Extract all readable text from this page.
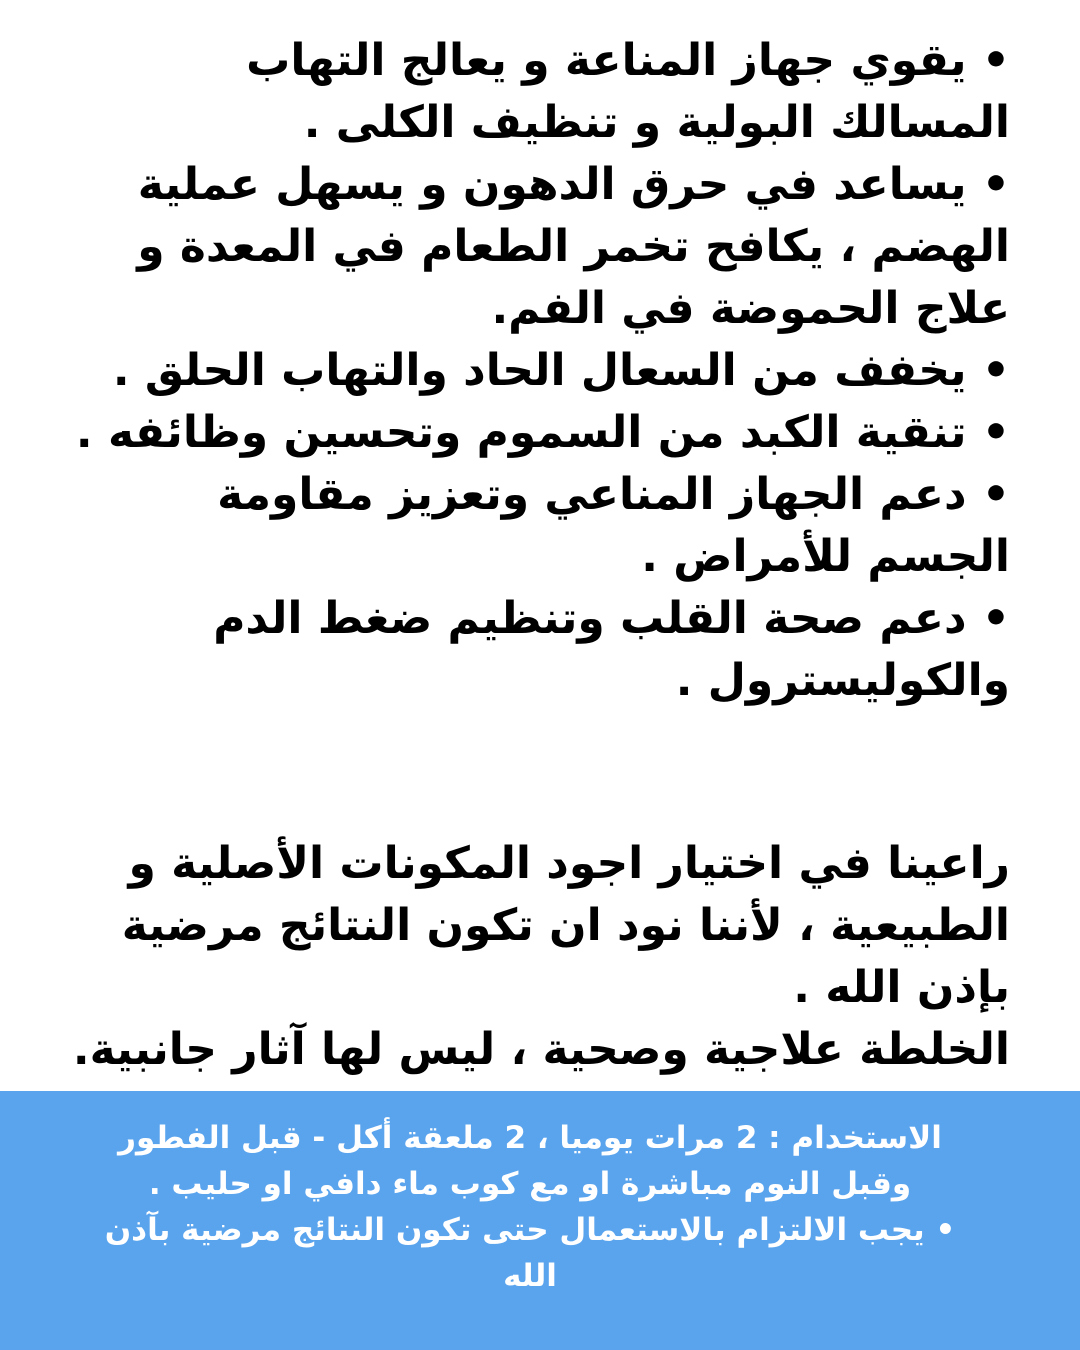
• يقوي جهاز المناعة و يعالج التهاب المسالك البولية و تنظيف الكلى .
• يساعد في حرق الدهون و يسهل عملية الهضم ، يكافح تخمر الطعام في المعدة و علاج الحموضة في الفم.
• يخفف من السعال الحاد والتهاب الحلق .
• تنقية الكبد من السموم وتحسين وظائفه .
• دعم الجهاز المناعي وتعزيز مقاومة الجسم للأمراض .
• دعم صحة القلب وتنظيم ضغط الدم والكوليسترول .

راعينا في اختيار اجود المكونات الأصلية و الطبيعية ، لأننا نود ان تكون النتائج مرضية بإذن الله .

الخلطة علاجية وصحية ، ليس لها آثار جانبية.

الاستخدام : 2 مرات يوميا ، 2 ملعقة أكل - قبل الفطور وقبل النوم مباشرة او مع كوب ماء دافي او حليب .

• يجب الالتزام بالاستعمال حتى تكون النتائج مرضية بآذن الله
